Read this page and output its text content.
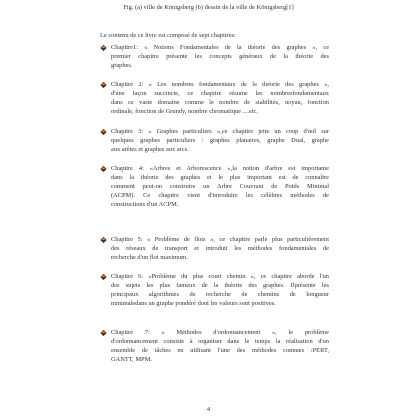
Fig. (a) ville de Königsberg (b) dessin de la ville de Königsberg[1]
Le contenu de ce livre est composé de sept chapitres:
Chapitre1: « Notions Fondamentales de la théorie des graphes », ce
premier chapitre présente les concepts généraux de la théorie des
graphes.
Chapitre 2: « Les nombres fondamentaux de la théorie des graphes »,
d'une façon succincte, ce chapitre résume les nombresfondamentaux
dans ce vaste domaine comme le nombre de stabilités, noyau, fonction
ordinale, fonction de Grundy, nombre chromatique ....etc.
Chapitre 3: « Graphes particuliers »,ce chapitre jette un coup d'œil sur
quelques graphes particuliers : graphes planaires, graphe Dual, graphe
aux arêtes et graphes aux arcs.
Chapitre 4: «Arbres et Arborescence »,la notion d'arbre est importante
dans la théorie des graphes et le plus important est de connaître
comment peut-on construire un Arbre Couvrant de Poids Minimal
(ACPM). Ce chapitre vient d'introduire les célèbres méthodes de
constructions d'un ACPM.
Chapitre 5: « Problème de flots », ce chapitre parle plus particulièrement
des réseaux de transport et introduit les méthodes fondamentales de
recherche d'un flot maximum.
Chapitre 6: «Problème du plus court chemin », ce chapitre aborde l'un
des sujets les plus fameux de la théorie des graphes. Ilprésente les
principaux algorithmes de recherche de chemins de longueur
minimaledans un graphe pondéré dont les valeurs sont positives.
Chapitre 7: « Méthodes d'ordonnancement », le problème
d'ordonnancement consiste à organiser dans le temps la réalisation d'un
ensemble de tâches en utilisant l'une des méthodes connues :PERT,
GANTT, MPM.
4
